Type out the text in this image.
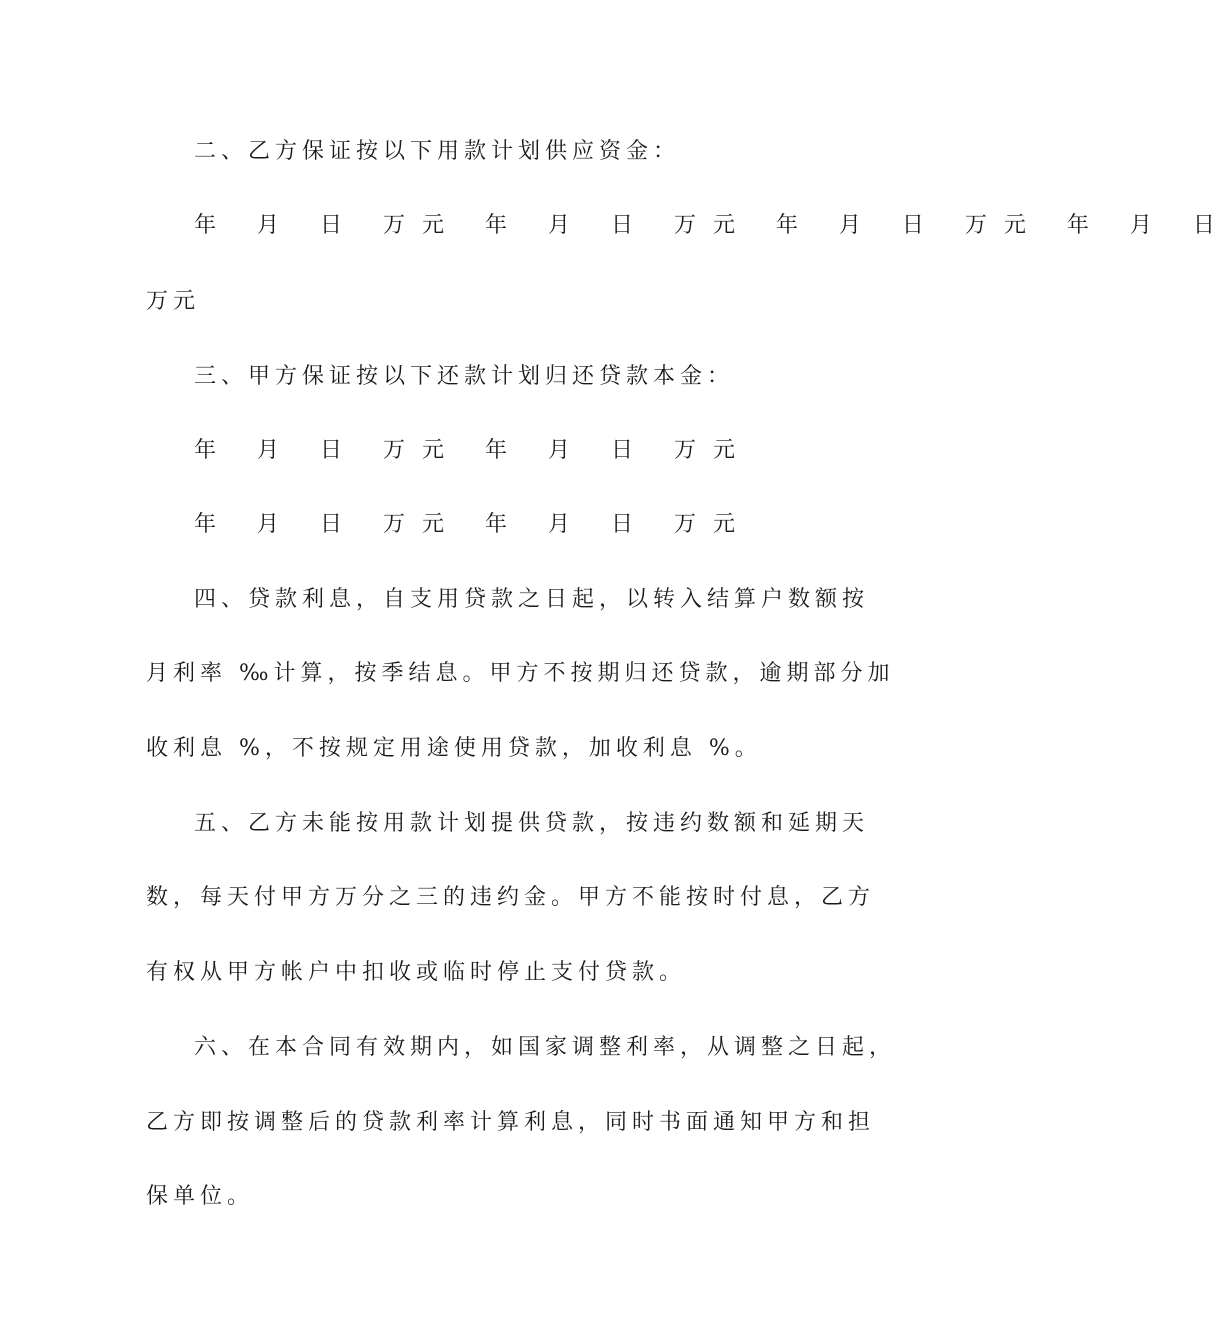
二、乙方保证按以下用款计划供应资金：
年 月 日 万元 年 月 日 万元 年 月 日 万元 年 月 日
万元
三、甲方保证按以下还款计划归还贷款本金：
年 月 日 万元 年 月 日 万元
年 月 日 万元 年 月 日 万元
四、贷款利息，自支用贷款之日起，以转入结算户数额按
月利率 ‰计算，按季结息。甲方不按期归还贷款，逾期部分加
收利息 %，不按规定用途使用贷款，加收利息 %。
五、乙方未能按用款计划提供贷款，按违约数额和延期天
数，每天付甲方万分之三的违约金。甲方不能按时付息，乙方
有权从甲方帐户中扣收或临时停止支付贷款。
六、在本合同有效期内，如国家调整利率，从调整之日起，
乙方即按调整后的贷款利率计算利息，同时书面通知甲方和担
保单位。
